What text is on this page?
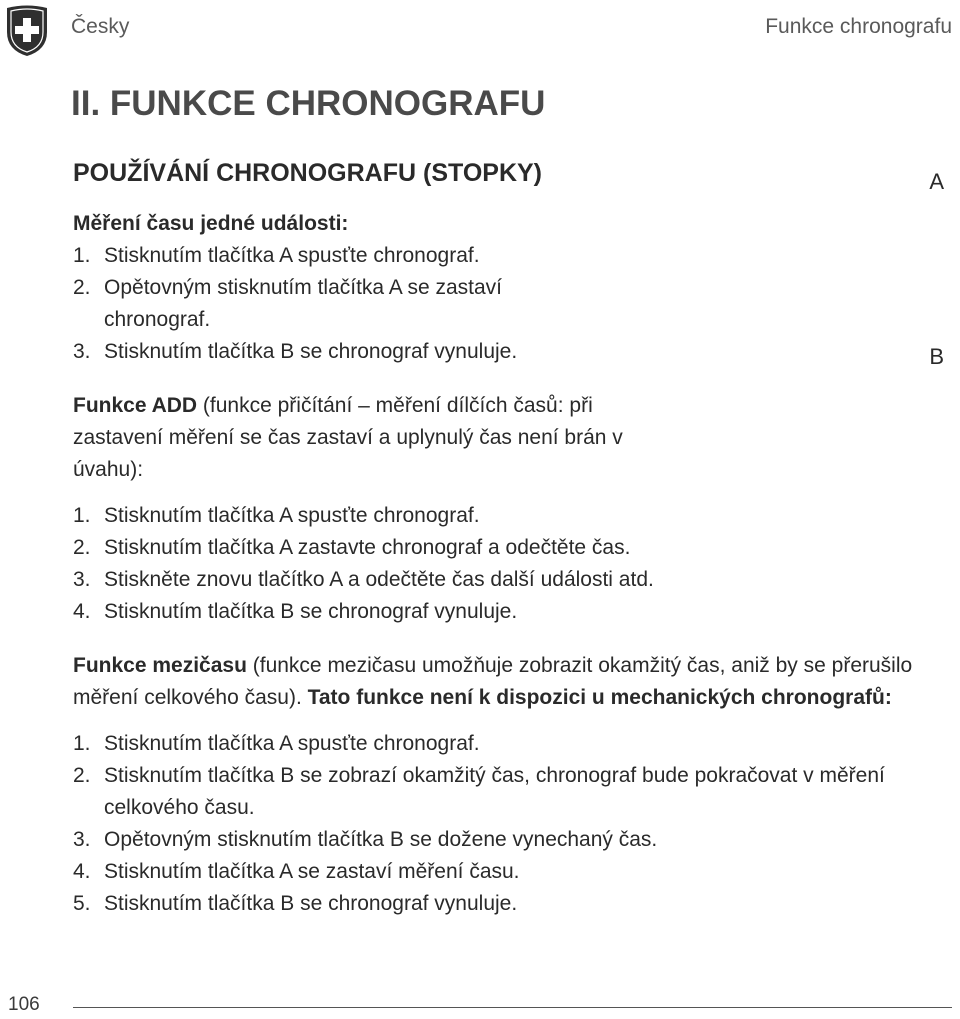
Česky	Funkce chronografu
II. FUNKCE CHRONOGRAFU
POUŽÍVÁNÍ CHRONOGRAFU (STOPKY)

Měření času jedné události:

1. Stisknutím tlačítka A spusťte chronograf.
2. Opětovným stisknutím tlačítka A se zastaví chronograf.
3. Stisknutím tlačítka B se chronograf vynuluje.

Funkce ADD (funkce přičítání – měření dílčích časů: při zastavení měření se čas zastaví a uplynulý čas není brán v úvahu):

1. Stisknutím tlačítka A spusťte chronograf.
2. Stisknutím tlačítka A zastavte chronograf a odečtěte čas.
3. Stiskněte znovu tlačítko A a odečtěte čas další události atd.
4. Stisknutím tlačítka B se chronograf vynuluje.

Funkce mezičasu (funkce mezičasu umožňuje zobrazit okamžitý čas, aniž by se přerušilo měření celkového času). Tato funkce není k dispozici u mechanických chronografů:

1. Stisknutím tlačítka A spusťte chronograf.
2. Stisknutím tlačítka B se zobrazí okamžitý čas, chronograf bude pokračovat v měření celkového času.
3. Opětovným stisknutím tlačítka B se dožene vynechaný čas.
4. Stisknutím tlačítka A se zastaví měření času.
5. Stisknutím tlačítka B se chronograf vynuluje.
A
B
106
